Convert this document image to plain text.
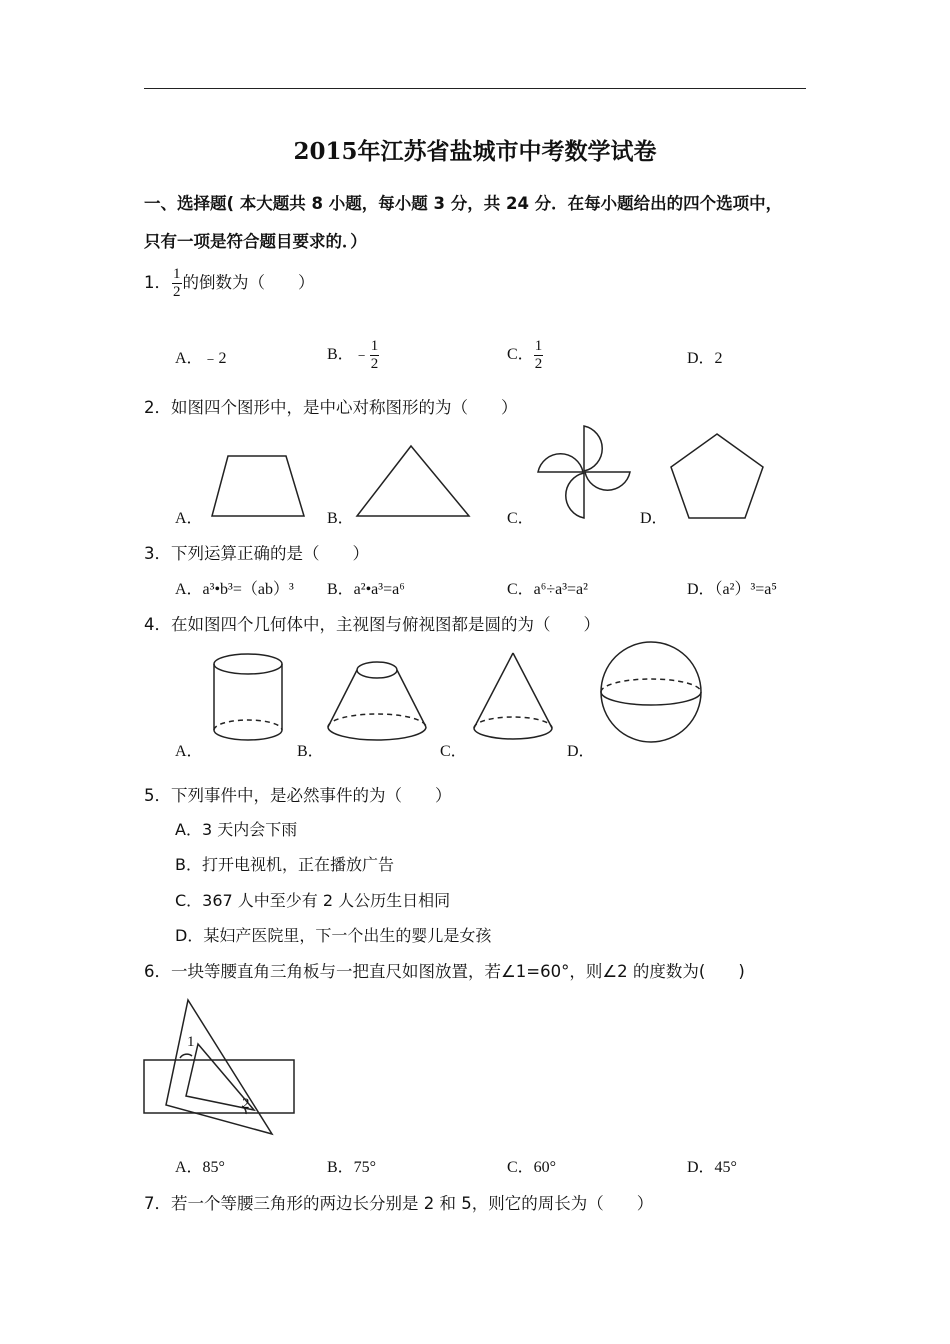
2015年江苏省盐城市中考数学试卷
一、选择题( 本大题共 8 小题，每小题 3 分，共 24 分．在每小题给出的四个选项中，
只有一项是符合题目要求的．）
1． $\frac{1}{2}$ 的倒数为（　　）
A．﹣2	B．﹣ $\frac{1}{2}$	C． $\frac{1}{2}$	D．2
2．如图四个图形中，是中心对称图形的为（　　）
A．	B．	C．	D．
3．下列运算正确的是（　　）
A．a³•b³=（ab）³ B．a²•a³=a⁶	C．a⁶÷a³=a²	D．（a²）³=a⁵
4．在如图四个几何体中，主视图与俯视图都是圆的为（　　）
A．	B．	C．	D．
5．下列事件中，是必然事件的为（　　）
A．3 天内会下雨
B．打开电视机，正在播放广告
C．367 人中至少有 2 人公历生日相同
D．某妇产医院里，下一个出生的婴儿是女孩
6．一块等腰直角三角板与一把直尺如图放置，若∠1=60°，则∠2 的度数为(　　)
1
2
A．85°	B．75°	C．60°	D．45°
7．若一个等腰三角形的两边长分别是 2 和 5，则它的周长为（　　）
